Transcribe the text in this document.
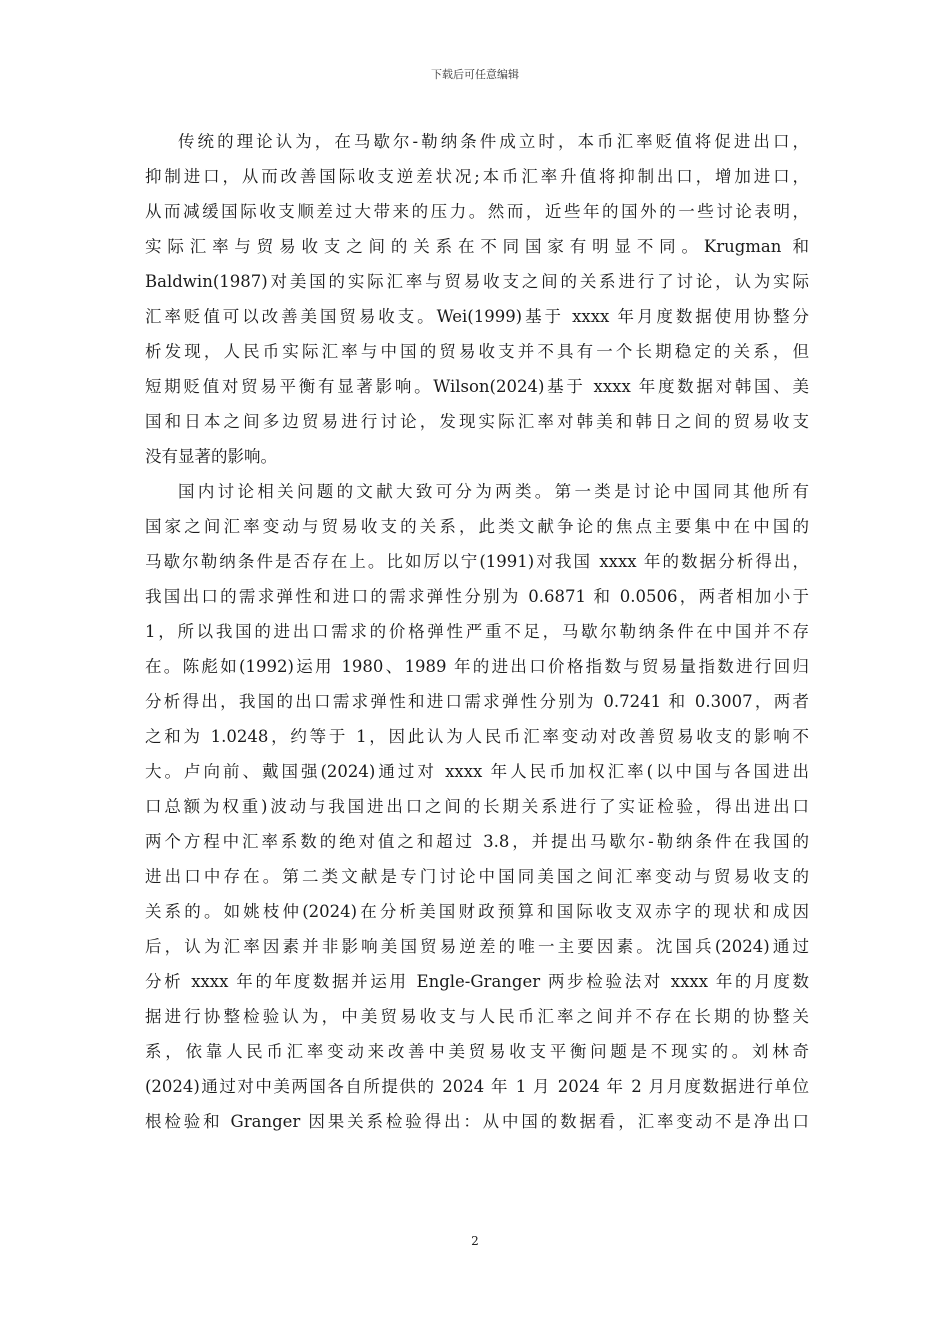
下载后可任意编辑
传统的理论认为，在马歇尔-勒纳条件成立时，本币汇率贬值将促进出口，
抑制进口，从而改善国际收支逆差状况;本币汇率升值将抑制出口，增加进口，
从而减缓国际收支顺差过大带来的压力。然而，近些年的国外的一些讨论表明，
实际汇率与贸易收支之间的关系在不同国家有明显不同。Krugman 和
Baldwin(1987)对美国的实际汇率与贸易收支之间的关系进行了讨论，认为实际
汇率贬值可以改善美国贸易收支。Wei(1999)基于 xxxx 年月度数据使用协整分
析发现，人民币实际汇率与中国的贸易收支并不具有一个长期稳定的关系，但
短期贬值对贸易平衡有显著影响。Wilson(2024)基于 xxxx 年度数据对韩国、美
国和日本之间多边贸易进行讨论，发现实际汇率对韩美和韩日之间的贸易收支
没有显著的影响。
国内讨论相关问题的文献大致可分为两类。第一类是讨论中国同其他所有
国家之间汇率变动与贸易收支的关系，此类文献争论的焦点主要集中在中国的
马歇尔勒纳条件是否存在上。比如厉以宁(1991)对我国 xxxx 年的数据分析得出，
我国出口的需求弹性和进口的需求弹性分别为 0.6871 和 0.0506，两者相加小于
1，所以我国的进出口需求的价格弹性严重不足，马歇尔勒纳条件在中国并不存
在。陈彪如(1992)运用 1980、1989 年的进出口价格指数与贸易量指数进行回归
分析得出，我国的出口需求弹性和进口需求弹性分别为 0.7241 和 0.3007，两者
之和为 1.0248，约等于 1，因此认为人民币汇率变动对改善贸易收支的影响不
大。卢向前、戴国强(2024)通过对 xxxx 年人民币加权汇率(以中国与各国进出
口总额为权重)波动与我国进出口之间的长期关系进行了实证检验，得出进出口
两个方程中汇率系数的绝对值之和超过 3.8，并提出马歇尔-勒纳条件在我国的
进出口中存在。第二类文献是专门讨论中国同美国之间汇率变动与贸易收支的
关系的。如姚枝仲(2024)在分析美国财政预算和国际收支双赤字的现状和成因
后，认为汇率因素并非影响美国贸易逆差的唯一主要因素。沈国兵(2024)通过
分析 xxxx 年的年度数据并运用 Engle-Granger 两步检验法对 xxxx 年的月度数
据进行协整检验认为，中美贸易收支与人民币汇率之间并不存在长期的协整关
系，依靠人民币汇率变动来改善中美贸易收支平衡问题是不现实的。刘林奇
(2024)通过对中美两国各自所提供的 2024 年 1 月 2024 年 2 月月度数据进行单位
根检验和 Granger 因果关系检验得出：从中国的数据看，汇率变动不是净出口
2
